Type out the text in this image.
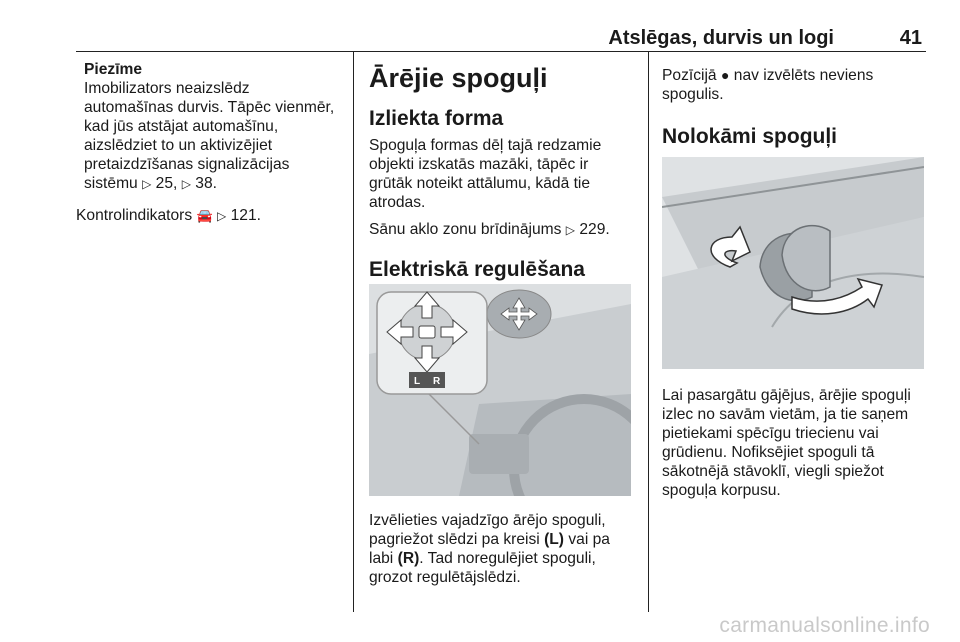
Atslēgas, durvis un logi	41
Piezīme
Imobilizators neaizslēdz
automašīnas durvis. Tāpēc vienmēr,
kad jūs atstājat automašīnu,
aizslēdziet to un aktivizējiet
pretaizdzīšanas signalizācijas
sistēmu ▷ 25, ▷ 38.
Kontrolindikators 🚘 ▷ 121.
Ārējie spoguļi
Izliekta forma
Spoguļa formas dēļ tajā redzamie
objekti izskatās mazāki, tāpēc ir
grūtāk noteikt attālumu, kādā tie
atrodas.
Sānu aklo zonu brīdinājums ▷ 229.
Elektriskā regulēšana
L R
Izvēlieties vajadzīgo ārējo spoguli,
pagriežot slēdzi pa kreisi (L) vai pa
labi (R). Tad noregulējiet spoguli,
grozot regulētājslēdzi.
Pozīcijā ● nav izvēlēts neviens
spogulis.
Nolokāmi spoguļi
Lai pasargātu gājējus, ārējie spoguļi
izlec no savām vietām, ja tie saņem
pietiekami spēcīgu triecienu vai
grūdienu. Nofiksējiet spoguli tā
sākotnējā stāvoklī, viegli spiežot
spoguļa korpusu.
carmanualsonline.info
